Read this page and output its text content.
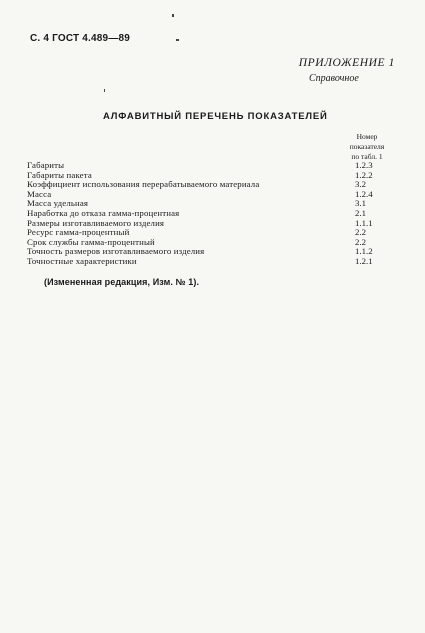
С. 4 ГОСТ 4.489—89
ПРИЛОЖЕНИЕ 1
Справочное
АЛФАВИТНЫЙ ПЕРЕЧЕНЬ ПОКАЗАТЕЛЕЙ
Номер
показателя
по табл. 1
Габариты	1.2.3
Габариты пакета	1.2.2
Коэффициент использования перерабатываемого материала	3.2
Масса	1.2.4
Масса удельная	3.1
Наработка до отказа гамма-процентная	2.1
Размеры изготавливаемого изделия	1.1.1
Ресурс гамма-процентный	2.2
Срок службы гамма-процентный	2.2
Точность размеров изготавливаемого изделия	1.1.2
Точностные характеристики	1.2.1
(Измененная редакция, Изм. № 1).
